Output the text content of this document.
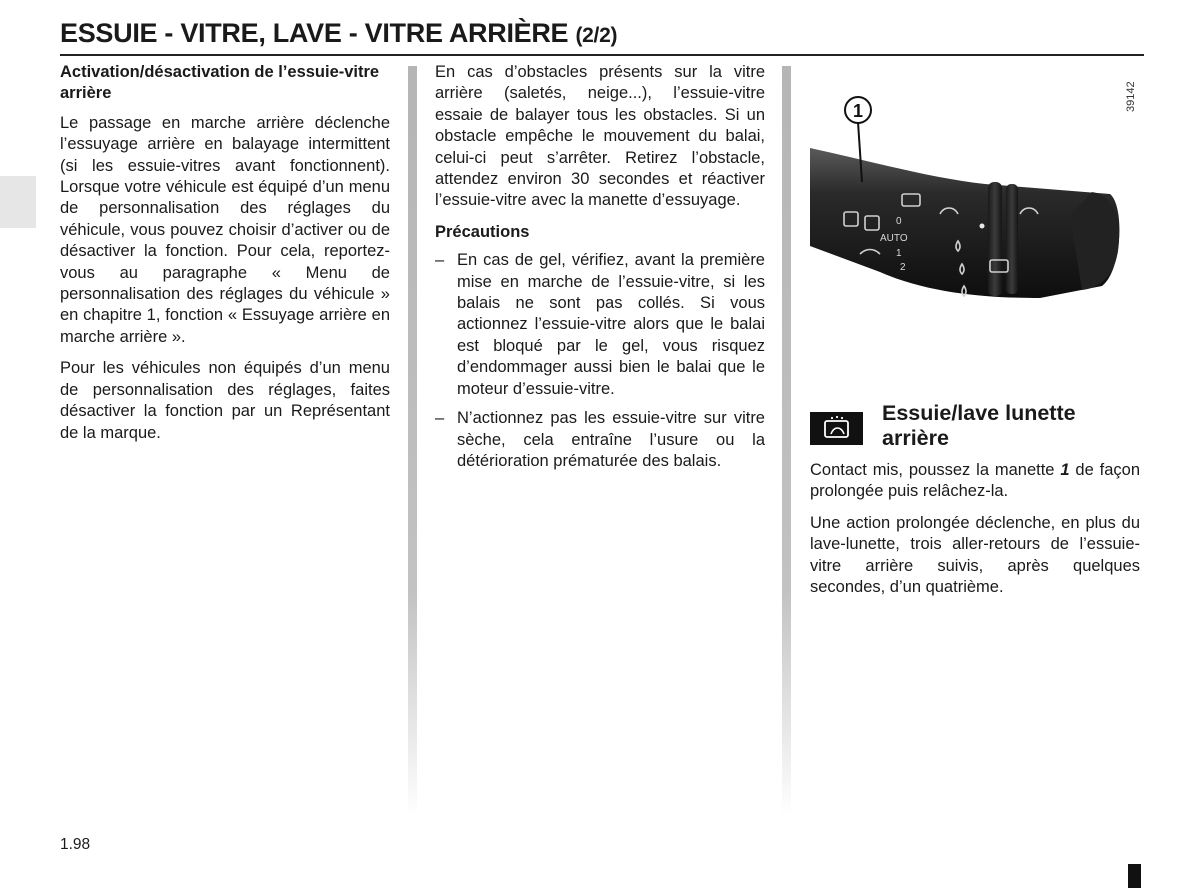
ESSUIE - VITRE, LAVE - VITRE ARRIÈRE (2/2)

Activation/désactivation de l’essuie-vitre arrière

Le passage en marche arrière déclenche l’essuyage arrière en balayage intermittent (si les essuie-vitres avant fonctionnent). Lorsque votre véhicule est équipé d’un menu de personnalisation des réglages du véhicule, vous pouvez choisir d’activer ou de désactiver la fonction. Pour cela, reportez-vous au paragraphe « Menu de personnalisation des réglages du véhicule » en chapitre 1, fonction « Essuyage arrière en marche arrière ».

Pour les véhicules non équipés d’un menu de personnalisation des réglages, faites désactiver la fonction par un Représentant de la marque.

En cas d’obstacles présents sur la vitre arrière (saletés, neige...), l’essuie-vitre essaie de balayer tous les obstacles. Si un obstacle empêche le mouvement du balai, celui-ci peut s’arrêter. Retirez l’obstacle, attendez environ 30 secondes et réactiver l’essuie-vitre avec la manette d’essuyage.

Précautions

– En cas de gel, vérifiez, avant la première mise en marche de l’essuie-vitre, si les balais ne sont pas collés. Si vous actionnez l’essuie-vitre alors que le balai est bloqué par le gel, vous risquez d’endommager aussi bien le balai que le moteur d’essuie-vitre.
– N’actionnez pas les essuie-vitre sur vitre sèche, cela entraîne l’usure ou la détérioration prématurée des balais.
AUTO
0
1
2
1	39142
Essuie/lave lunette arrière

Contact mis, poussez la manette 1 de façon prolongée puis relâchez-la.

Une action prolongée déclenche, en plus du lave-lunette, trois aller-retours de l’essuie-vitre arrière suivis, après quelques secondes, d’un quatrième.

1.98
